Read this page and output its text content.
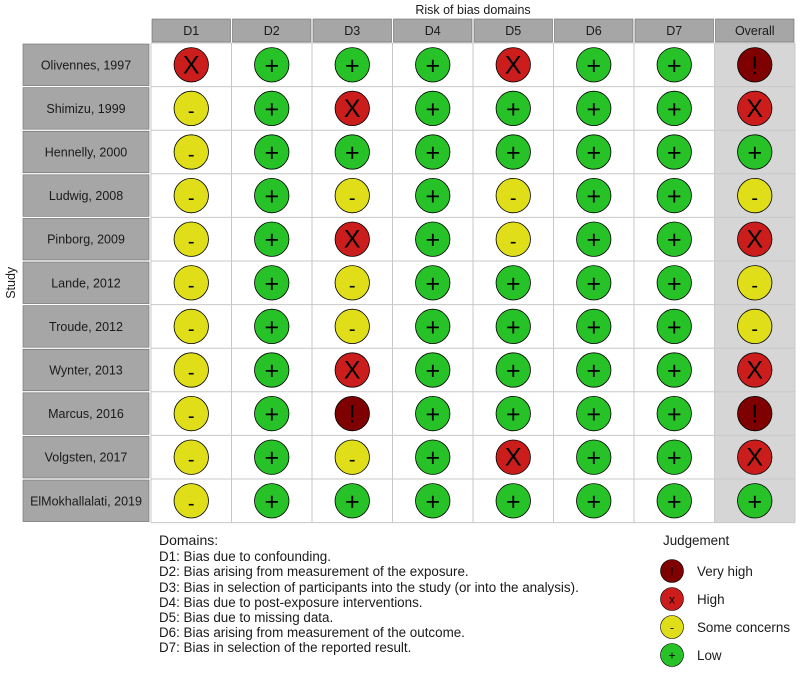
Risk of bias domains
Study
D1	D2	D3	D4	D5	D6	D7	Overall
Olivennes, 1997 X	+	+	+	X	+	+	!
Shimizu, 1999	-	+	X	+	+	+	+	X
Hennelly, 2000	-	+	+	+	+	+	+	+
Ludwig, 2008	-	+	-	+	-	+	+	-
Pinborg, 2009	-	+	X	+	-	+	+	X
Lande, 2012	-	+	-	+	+	+	+	-
Troude, 2012	-	+	-	+	+	+	+	-
Wynter, 2013	-	+	X	+	+	+	+	X
Marcus, 2016	-	+	!	+	+	+	+	!
Volgsten, 2017	-	+	-	+	X	+	+	X
ElMokhallalati, 2019 -	+	+	+	+	+	+	+
Domains:
D1: Bias due to confounding.
D2: Bias arising from measurement of the exposure.
D3: Bias in selection of participants into the study (or into the analysis).
D4: Bias due to post-exposure interventions.
D5: Bias due to missing data.
D6: Bias arising from measurement of the outcome.
D7: Bias in selection of the reported result.
Judgement
! Very high
x High
- Some concerns
+ Low
